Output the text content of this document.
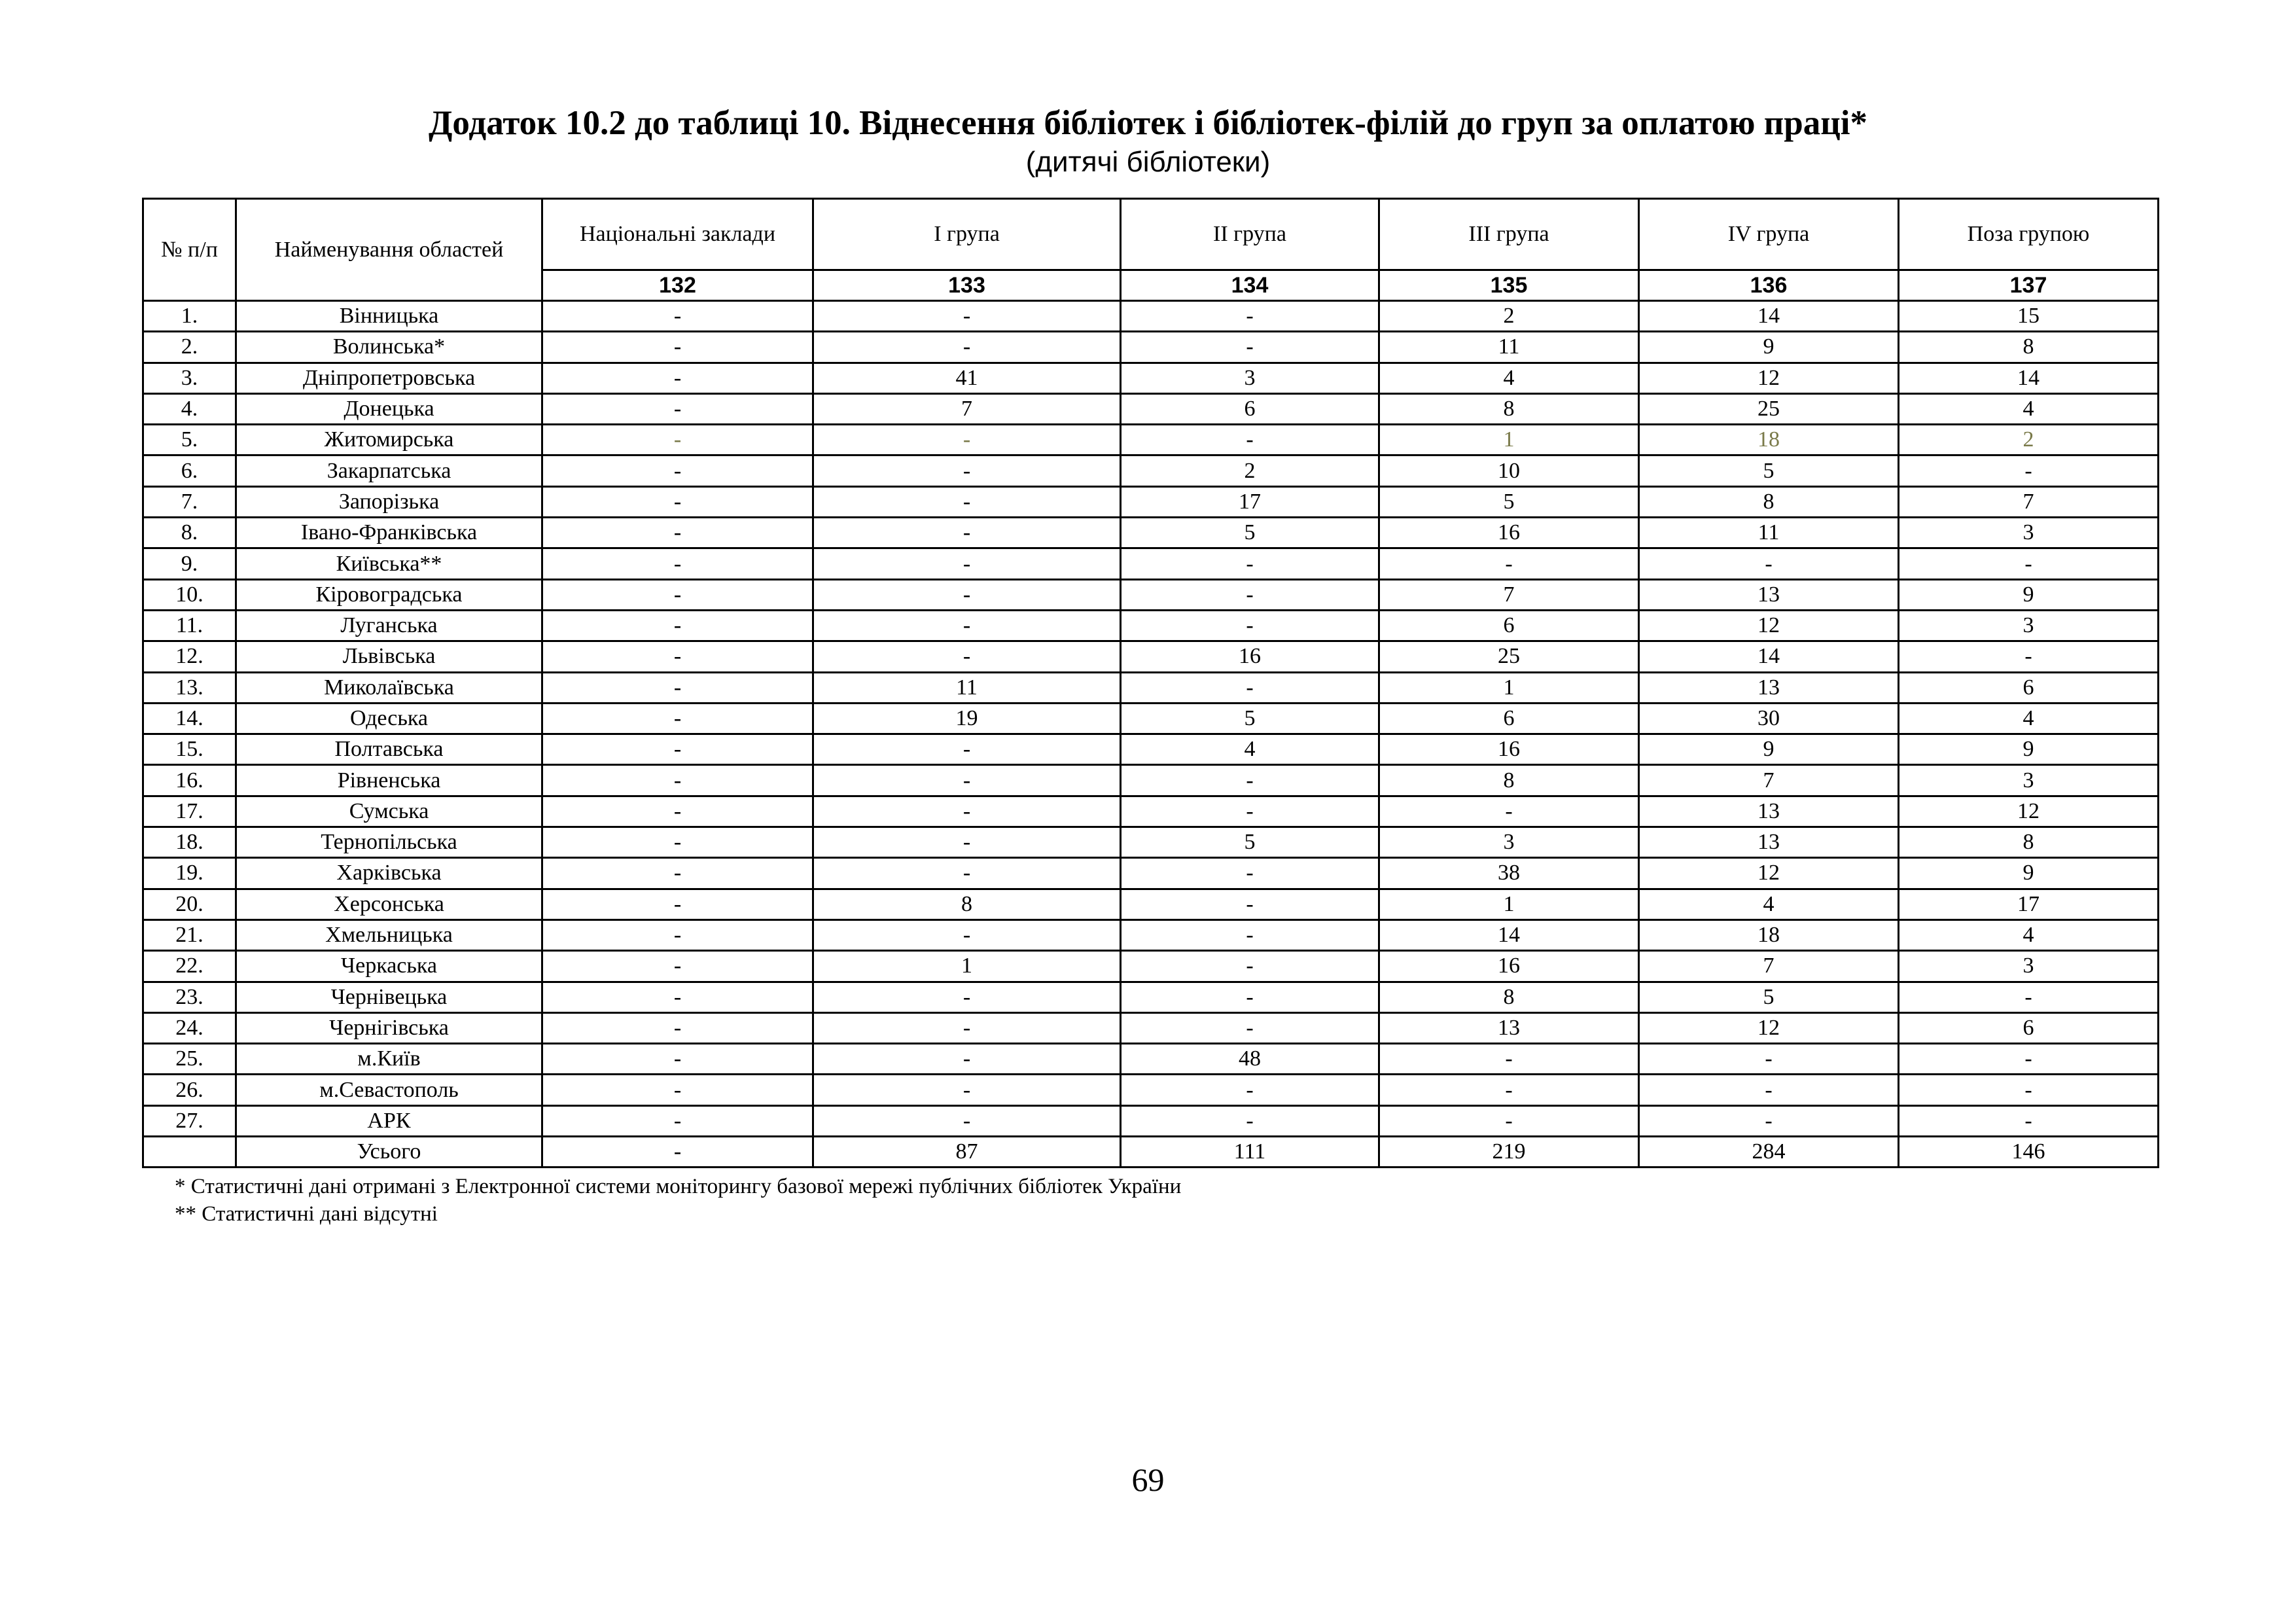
Додаток 10.2 до таблиці 10. Віднесення бібліотек і бібліотек-філій до груп за оплатою праці*
(дитячі бібліотеки)
№ п/п	Найменування областей	Національні заклади	І група	ІІ група	ІІІ група	IV група	Поза групою
		132	133	134	135	136	137
1.	Вінницька	-	-	-	2	14	15
2.	Волинська*	-	-	-	11	9	8
3.	Дніпропетровська	-	41	3	4	12	14
4.	Донецька	-	7	6	8	25	4
5.	Житомирська	-	-	-	1	18	2
6.	Закарпатська	-	-	2	10	5	-
7.	Запорізька	-	-	17	5	8	7
8.	Івано-Франківська	-	-	5	16	11	3
9.	Київська**	-	-	-	-	-	-
10.	Кіровоградська	-	-	-	7	13	9
11.	Луганська	-	-	-	6	12	3
12.	Львівська	-	-	16	25	14	-
13.	Миколаївська	-	11	-	1	13	6
14.	Одеська	-	19	5	6	30	4
15.	Полтавська	-	-	4	16	9	9
16.	Рівненська	-	-	-	8	7	3
17.	Сумська	-	-	-	-	13	12
18.	Тернопільська	-	-	5	3	13	8
19.	Харківська	-	-	-	38	12	9
20.	Херсонська	-	8	-	1	4	17
21.	Хмельницька	-	-	-	14	18	4
22.	Черкаська	-	1	-	16	7	3
23.	Чернівецька	-	-	-	8	5	-
24.	Чернігівська	-	-	-	13	12	6
25.	м.Київ	-	-	48	-	-	-
26.	м.Севастополь	-	-	-	-	-	-
27.	АРК	-	-	-	-	-	-
	Усього	-	87	111	219	284	146
* Статистичні дані отримані з Електронної системи моніторингу базової мережі публічних бібліотек України
** Статистичні дані відсутні
69
